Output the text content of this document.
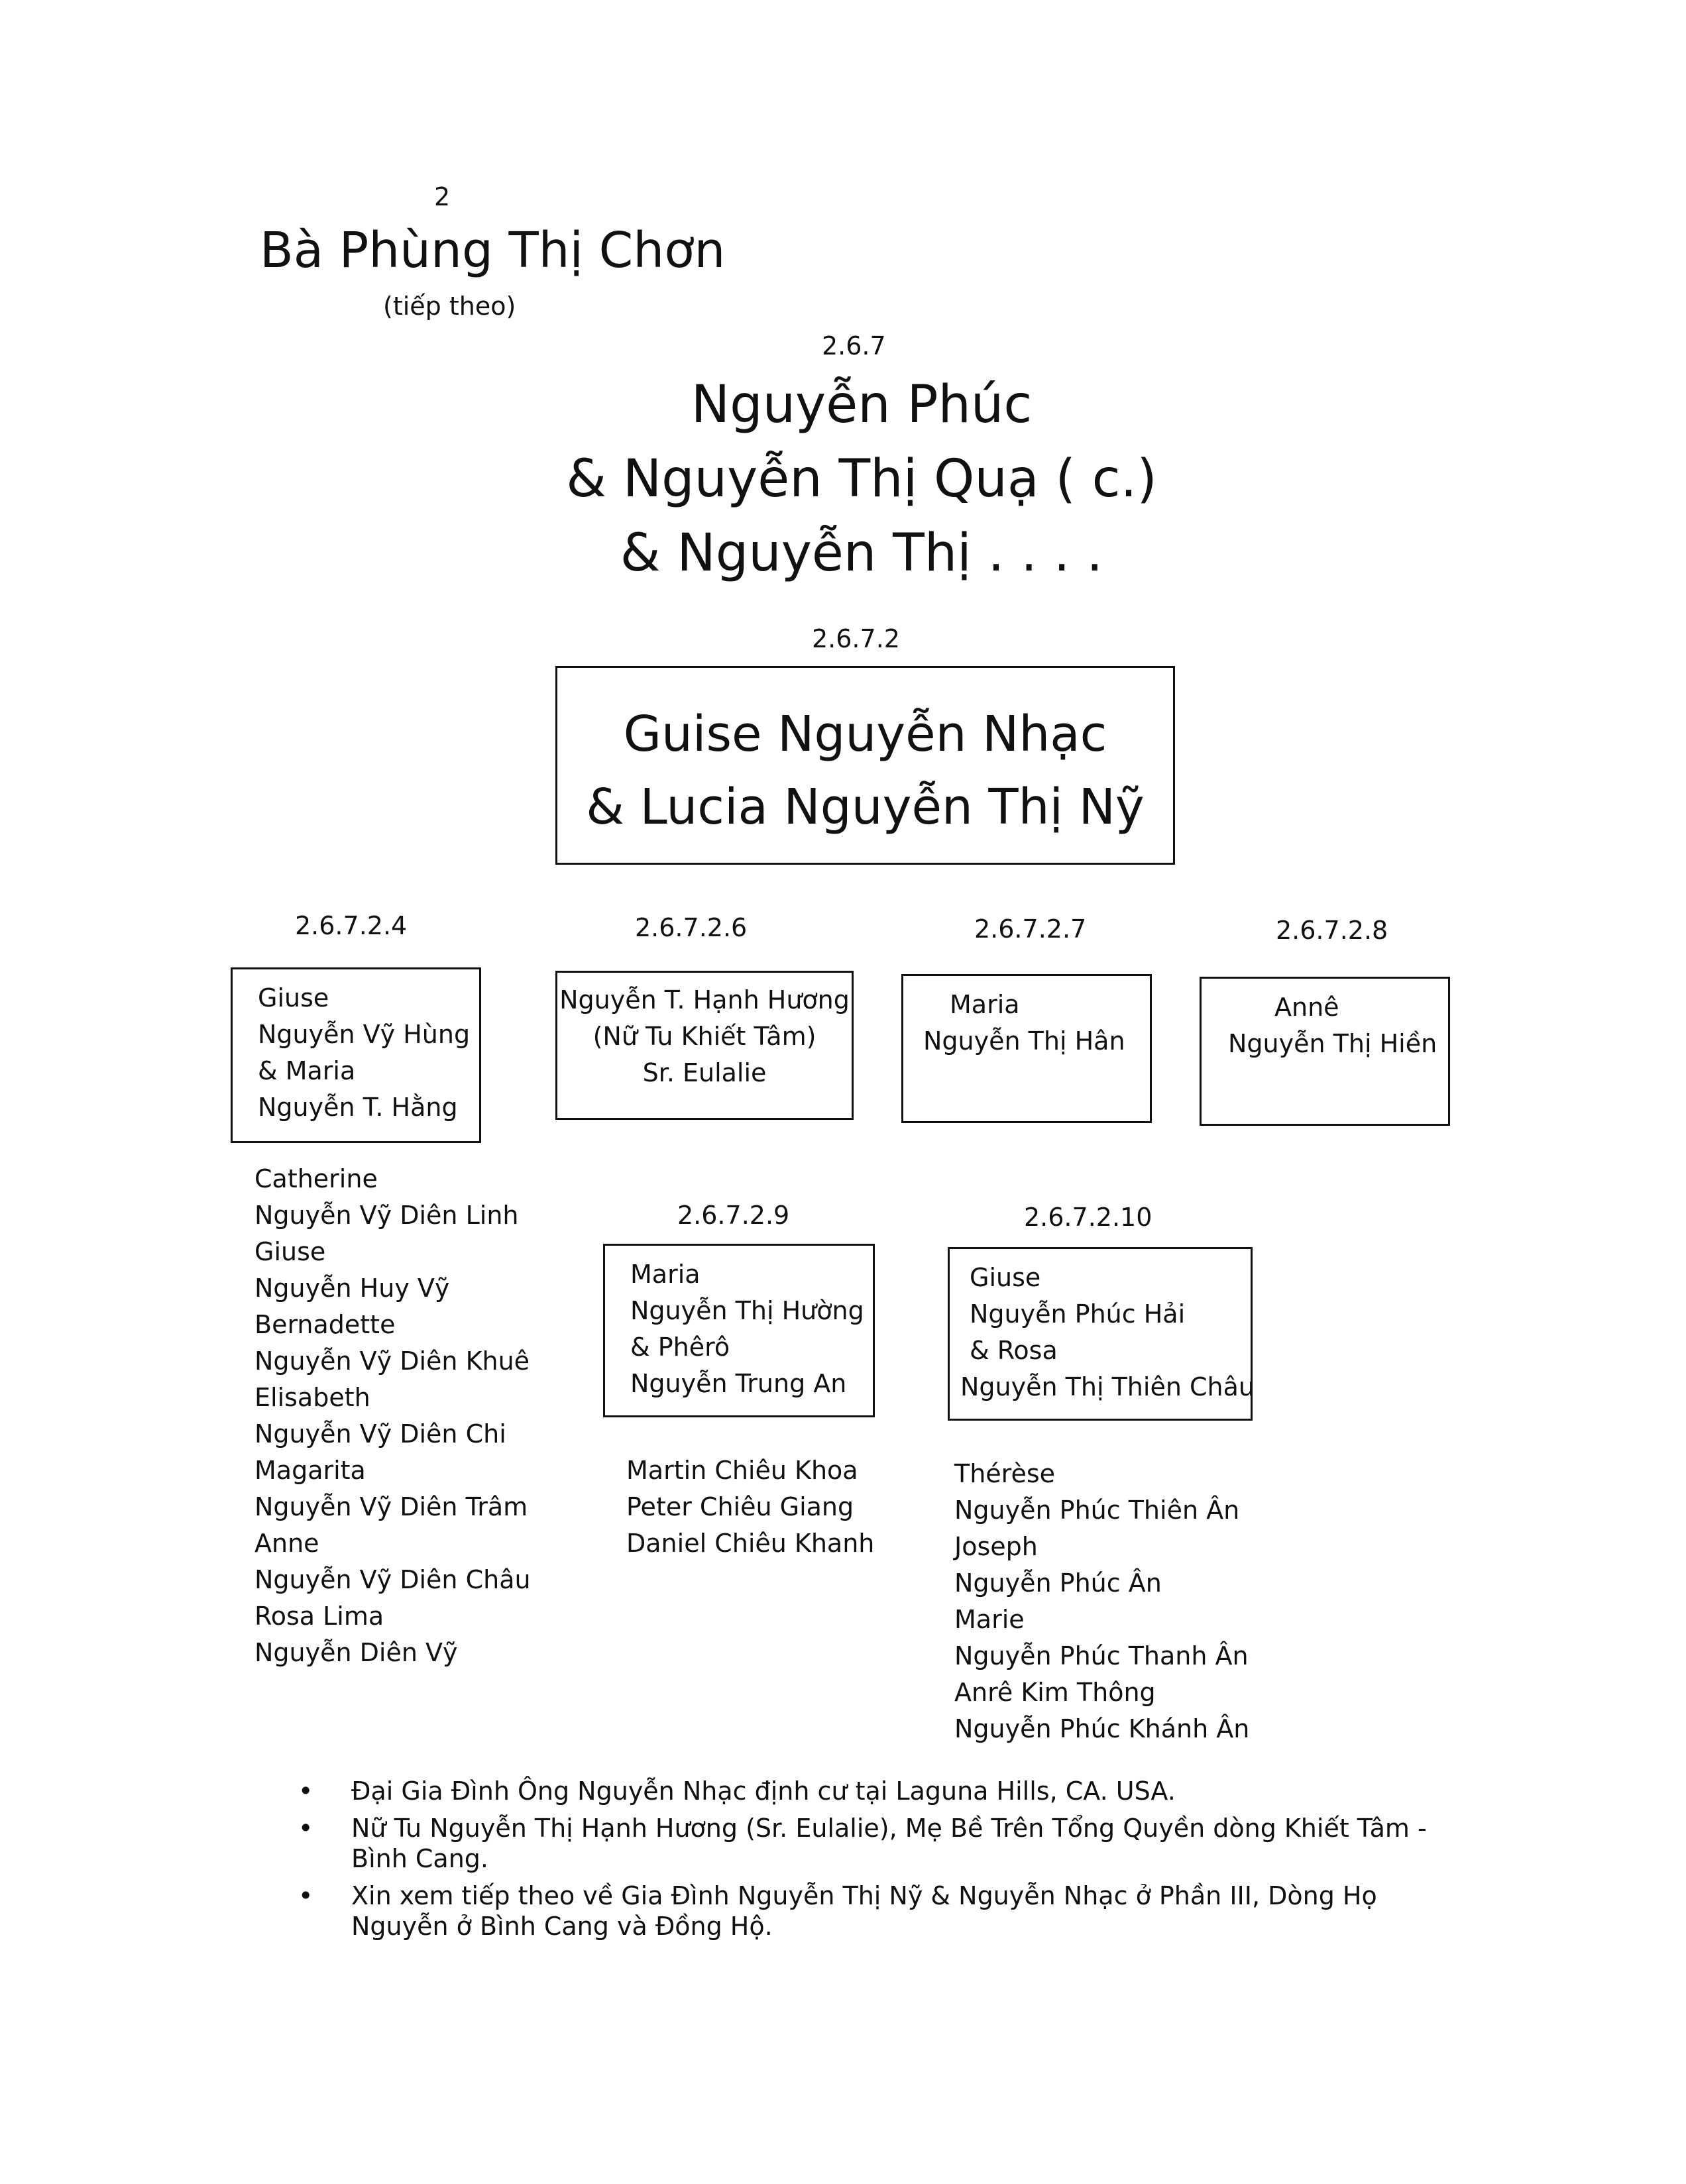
2
Bà Phùng Thị Chơn
(tiếp theo)
2.6.7
Nguyễn Phúc
& Nguyễn Thị Quạ ( c.)
& Nguyễn Thị . . . .
2.6.7.2
Guise Nguyễn Nhạc
& Lucia Nguyễn Thị Nỹ
2.6.7.2.4
Giuse
Nguyễn Vỹ Hùng
& Maria
Nguyễn T. Hằng
Catherine
Nguyễn Vỹ Diên Linh
Giuse
Nguyễn Huy Vỹ
Bernadette
Nguyễn Vỹ Diên Khuê
Elisabeth
Nguyễn Vỹ Diên Chi
Magarita
Nguyễn Vỹ Diên Trâm
Anne
Nguyễn Vỹ Diên Châu
Rosa Lima
Nguyễn Diên Vỹ
2.6.7.2.6
Nguyễn T. Hạnh Hương
(Nữ Tu Khiết Tâm)
Sr. Eulalie
2.6.7.2.7
Maria
Nguyễn Thị Hân
2.6.7.2.8
Annê
Nguyễn Thị Hiền
2.6.7.2.9
Maria
Nguyễn Thị Hường
& Phêrô
Nguyễn Trung An
Martin Chiêu Khoa
Peter Chiêu Giang
Daniel Chiêu Khanh
2.6.7.2.10
Giuse
Nguyễn Phúc Hải
& Rosa
Nguyễn Thị Thiên Châu
Thérèse
Nguyễn Phúc Thiên Ân
Joseph
Nguyễn Phúc Ân
Marie
Nguyễn Phúc Thanh Ân
Anrê Kim Thông
Nguyễn Phúc Khánh Ân
• Đại Gia Đình Ông Nguyễn Nhạc định cư tại Laguna Hills, CA. USA.
• Nữ Tu Nguyễn Thị Hạnh Hương (Sr. Eulalie), Mẹ Bề Trên Tổng Quyền dòng Khiết Tâm - Bình Cang.
• Xin xem tiếp theo về Gia Đình Nguyễn Thị Nỹ & Nguyễn Nhạc ở Phần III, Dòng Họ Nguyễn ở Bình Cang và Đồng Hộ.
